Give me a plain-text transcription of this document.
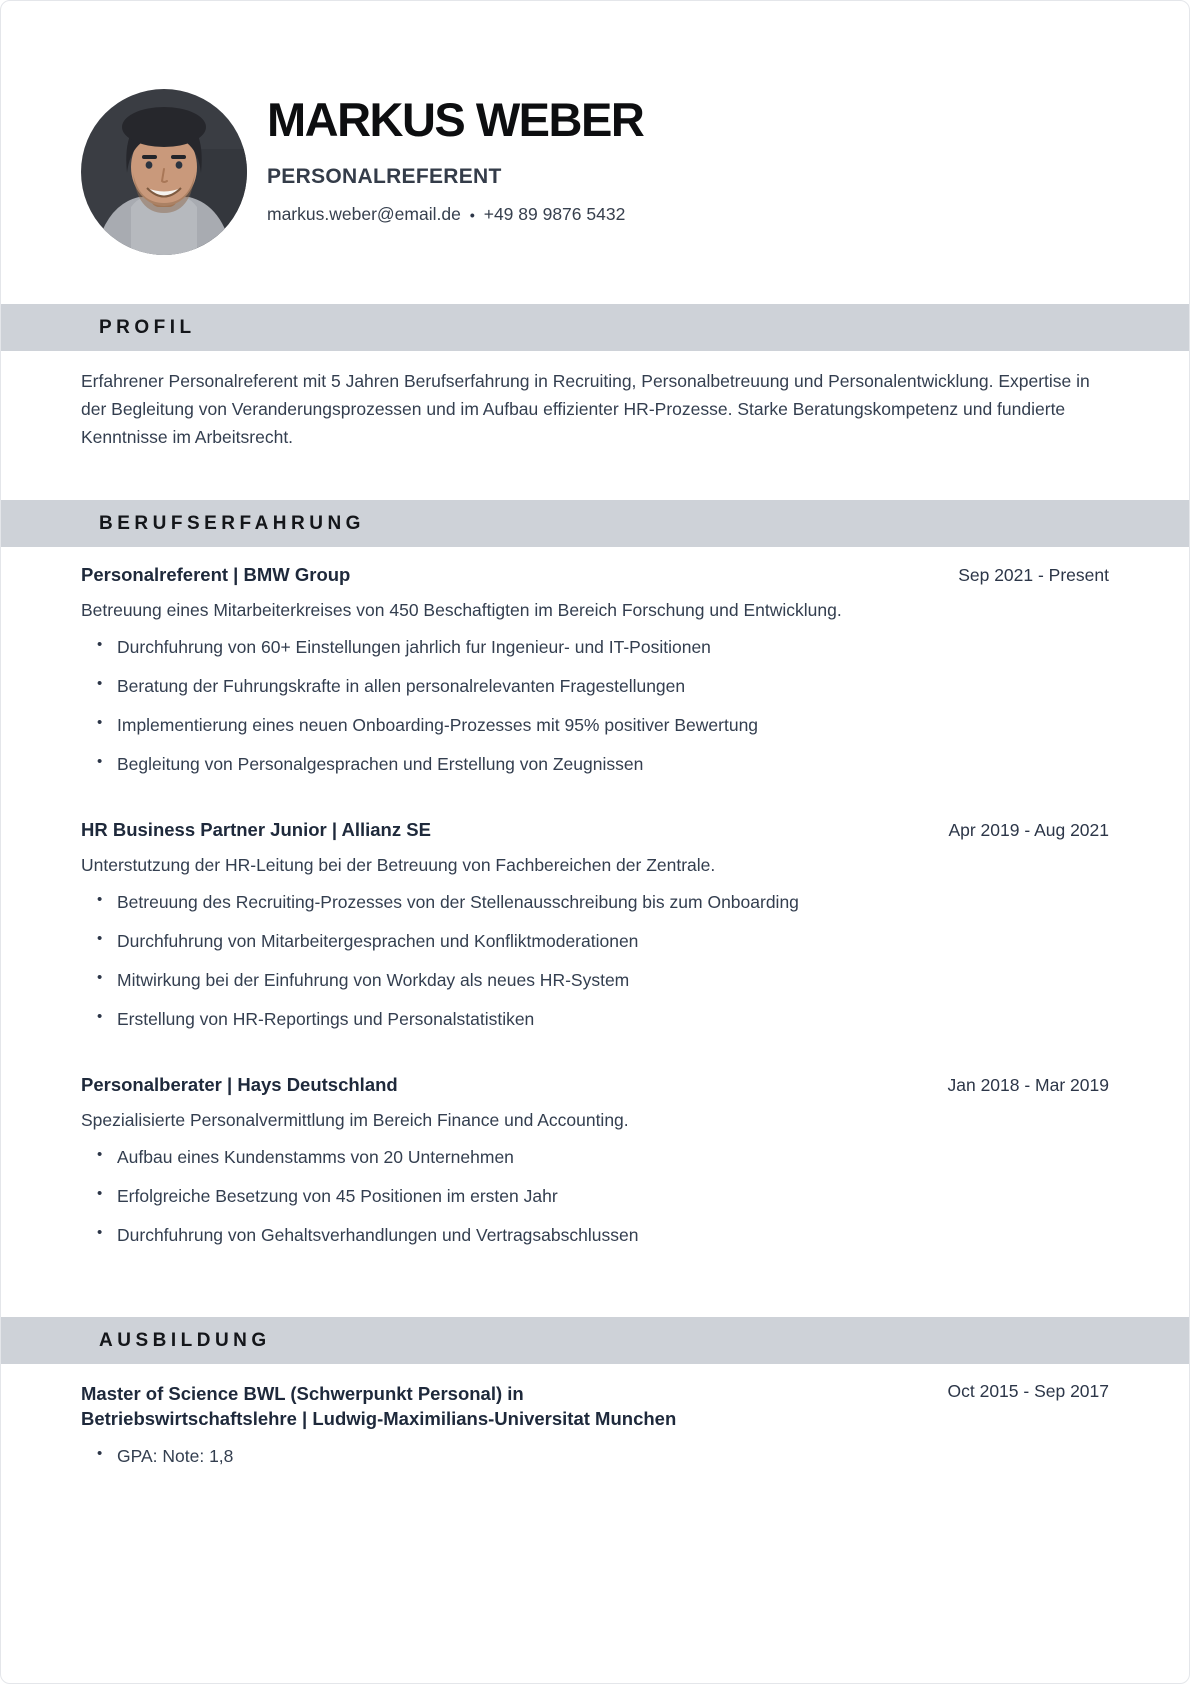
MARKUS WEBER
PERSONALREFERENT
markus.weber@email.de • +49 89 9876 5432
PROFIL
Erfahrener Personalreferent mit 5 Jahren Berufserfahrung in Recruiting, Personalbetreuung und Personalentwicklung. Expertise in der Begleitung von Veranderungsprozessen und im Aufbau effizienter HR-Prozesse. Starke Beratungskompetenz und fundierte Kenntnisse im Arbeitsrecht.
BERUFSERFAHRUNG
Personalreferent | BMW Group	Sep 2021 - Present
Betreuung eines Mitarbeiterkreises von 450 Beschaftigten im Bereich Forschung und Entwicklung.
• Durchfuhrung von 60+ Einstellungen jahrlich fur Ingenieur- und IT-Positionen
• Beratung der Fuhrungskrafte in allen personalrelevanten Fragestellungen
• Implementierung eines neuen Onboarding-Prozesses mit 95% positiver Bewertung
• Begleitung von Personalgesprachen und Erstellung von Zeugnissen
HR Business Partner Junior | Allianz SE	Apr 2019 - Aug 2021
Unterstutzung der HR-Leitung bei der Betreuung von Fachbereichen der Zentrale.
• Betreuung des Recruiting-Prozesses von der Stellenausschreibung bis zum Onboarding
• Durchfuhrung von Mitarbeitergesprachen und Konfliktmoderationen
• Mitwirkung bei der Einfuhrung von Workday als neues HR-System
• Erstellung von HR-Reportings und Personalstatistiken
Personalberater | Hays Deutschland	Jan 2018 - Mar 2019
Spezialisierte Personalvermittlung im Bereich Finance und Accounting.
• Aufbau eines Kundenstamms von 20 Unternehmen
• Erfolgreiche Besetzung von 45 Positionen im ersten Jahr
• Durchfuhrung von Gehaltsverhandlungen und Vertragsabschlussen
AUSBILDUNG
Master of Science BWL (Schwerpunkt Personal) in
Betriebswirtschaftslehre | Ludwig-Maximilians-Universitat Munchen
Oct 2015 - Sep 2017
• GPA: Note: 1,8
